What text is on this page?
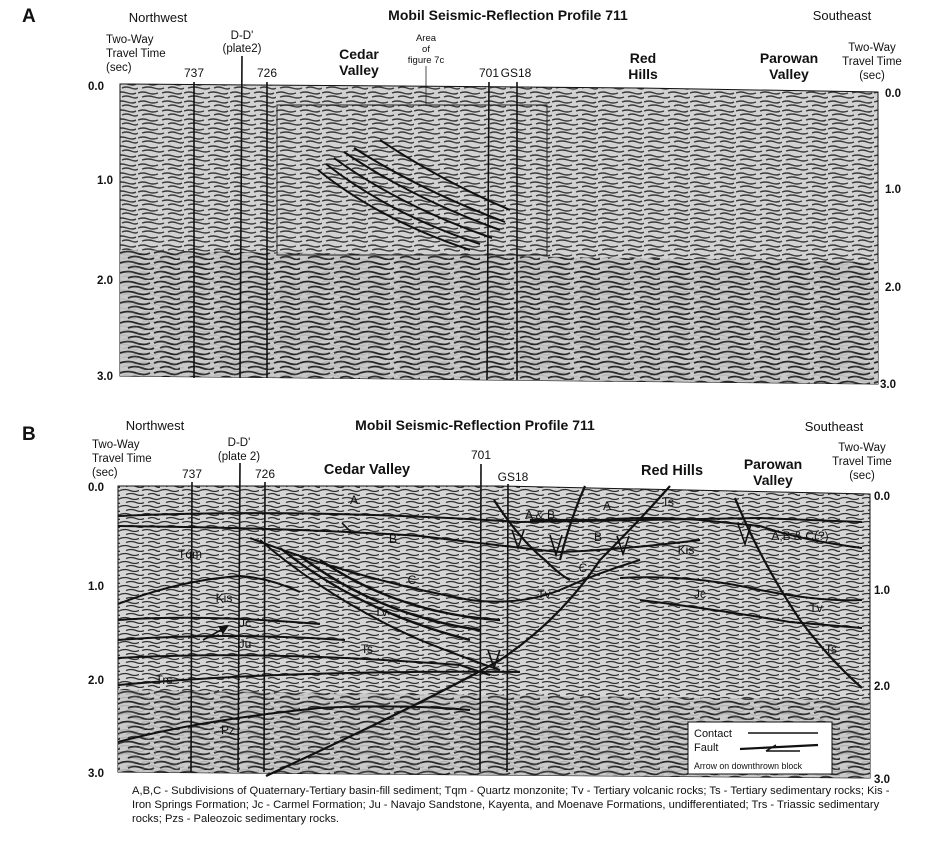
A	Mobil Seismic-Reflection Profile 711
Northwest	Southeast
Two-Way
Travel Time
(sec)
Two-Way
Travel Time
(sec)
D-D'
(plate2)
737	726	701 GS18
Cedar
Valley
Red
Hills
Parowan
Valley
Area
of
figure 7c
0.0
1.0
2.0
3.0
0.0
1.0
2.0
3.0
B	Mobil Seismic-Reflection Profile 711
Northwest	Southeast
Two-Way
Travel Time
(sec)
Two-Way
Travel Time
(sec)
D-D'
(plate 2)
737	726
701
GS18
Cedar Valley	Red Hills	Parowan
Valley
A	A
A & B
B	B	A,B & C(?)
C
C
Tqm
Kis
Kis
Tv
Tv
Tv
Jc
Jc
Ju	Ts
Ts
Ts
Trs
Pz
0.0
1.0
2.0
3.0
0.0
1.0
2.0
3.0
Contact
Fault
Arrow on downthrown block
A,B,C - Subdivisions of Quaternary-Tertiary basin-fill sediment; Tqm - Quartz monzonite; Tv - Tertiary volcanic rocks; Ts - Tertiary sedimentary rocks; Kis - Iron Springs Formation; Jc - Carmel Formation; Ju - Navajo Sandstone, Kayenta, and Moenave Formations, undifferentiated; Trs - Triassic sedimentary rocks; Pzs - Paleozoic sedimentary rocks.
